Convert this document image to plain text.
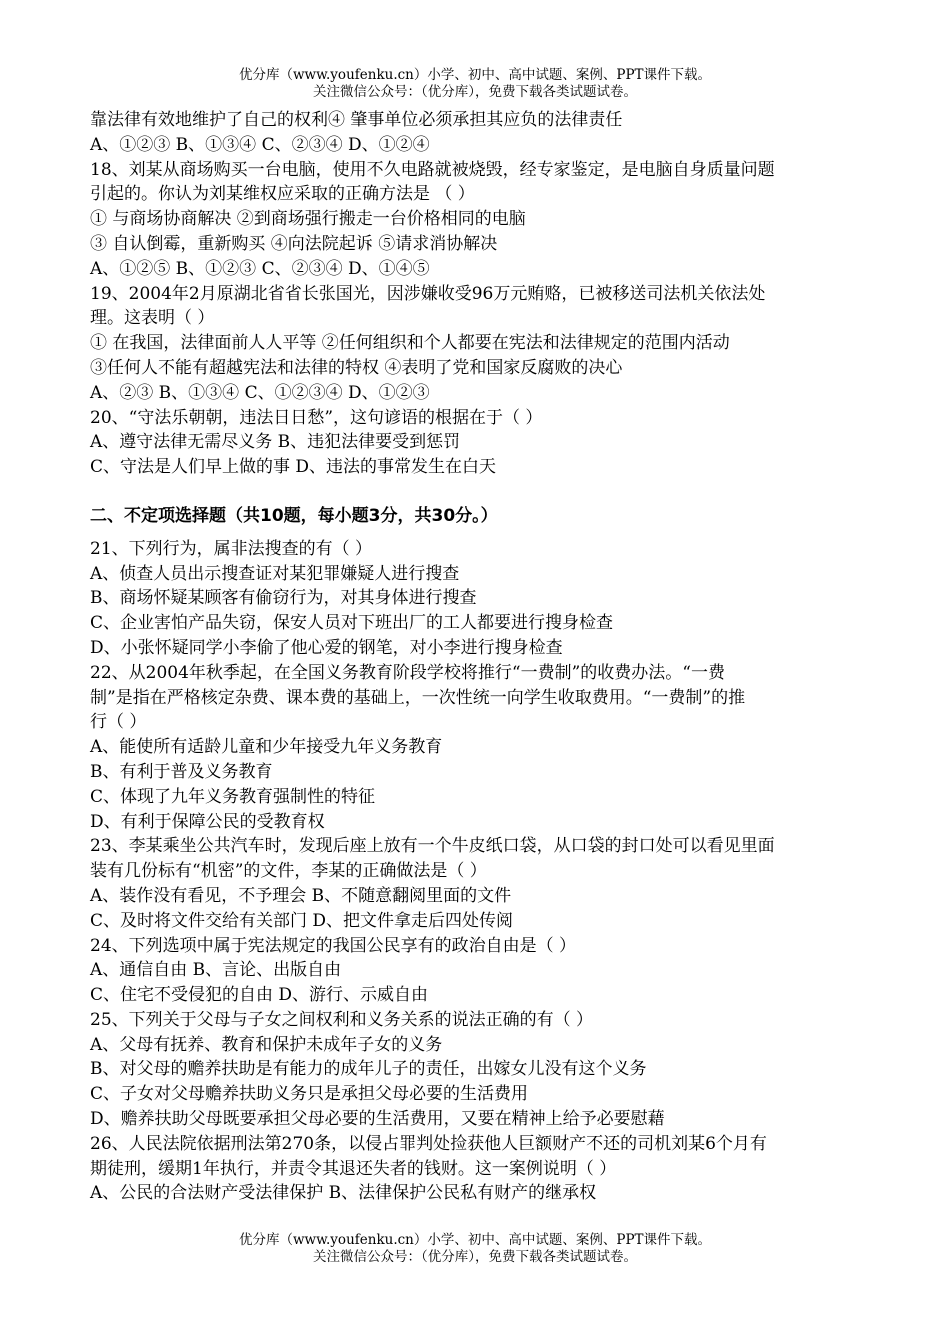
优分库（www.youfenku.cn）小学、初中、高中试题、案例、PPT课件下载。
关注微信公众号：（优分库），免费下载各类试题试卷。
靠法律有效地维护了自己的权利④ 肇事单位必须承担其应负的法律责任
A、①②③ B、①③④ C、②③④ D、①②④
18、刘某从商场购买一台电脑，使用不久电路就被烧毁，经专家鉴定，是电脑自身质量问题
引起的。你认为刘某维权应采取的正确方法是 （ ）
① 与商场协商解决 ②到商场强行搬走一台价格相同的电脑
③ 自认倒霉，重新购买 ④向法院起诉 ⑤请求消协解决
A、①②⑤ B、①②③ C、②③④ D、①④⑤
19、2004年2月原湖北省省长张国光，因涉嫌收受96万元贿赂，已被移送司法机关依法处
理。这表明（ ）
① 在我国，法律面前人人平等 ②任何组织和个人都要在宪法和法律规定的范围内活动
③任何人不能有超越宪法和法律的特权 ④表明了党和国家反腐败的决心
A、②③ B、①③④ C、①②③④ D、①②③
20、“守法乐朝朝，违法日日愁”，这句谚语的根据在于（ ）
A、遵守法律无需尽义务 B、违犯法律要受到惩罚
C、守法是人们早上做的事 D、违法的事常发生在白天
二、不定项选择题（共10题，每小题3分，共30分。）
21、下列行为，属非法搜查的有（ ）
A、侦查人员出示搜查证对某犯罪嫌疑人进行搜查
B、商场怀疑某顾客有偷窃行为，对其身体进行搜查
C、企业害怕产品失窃，保安人员对下班出厂的工人都要进行搜身检查
D、小张怀疑同学小李偷了他心爱的钢笔，对小李进行搜身检查
22、从2004年秋季起，在全国义务教育阶段学校将推行“一费制”的收费办法。“一费
制”是指在严格核定杂费、课本费的基础上，一次性统一向学生收取费用。“一费制”的推
行（ ）
A、能使所有适龄儿童和少年接受九年义务教育
B、有利于普及义务教育
C、体现了九年义务教育强制性的特征
D、有利于保障公民的受教育权
23、李某乘坐公共汽车时，发现后座上放有一个牛皮纸口袋，从口袋的封口处可以看见里面
装有几份标有“机密”的文件，李某的正确做法是（ ）
A、装作没有看见，不予理会 B、不随意翻阅里面的文件
C、及时将文件交给有关部门 D、把文件拿走后四处传阅
24、下列选项中属于宪法规定的我国公民享有的政治自由是（ ）
A、通信自由 B、言论、出版自由
C、住宅不受侵犯的自由 D、游行、示威自由
25、下列关于父母与子女之间权利和义务关系的说法正确的有（ ）
A、父母有抚养、教育和保护未成年子女的义务
B、对父母的赡养扶助是有能力的成年儿子的责任，出嫁女儿没有这个义务
C、子女对父母赡养扶助义务只是承担父母必要的生活费用
D、赡养扶助父母既要承担父母必要的生活费用，又要在精神上给予必要慰藉
26、人民法院依据刑法第270条，以侵占罪判处捡获他人巨额财产不还的司机刘某6个月有
期徒刑，缓期1年执行，并责令其退还失者的钱财。这一案例说明（ ）
A、公民的合法财产受法律保护 B、法律保护公民私有财产的继承权
优分库（www.youfenku.cn）小学、初中、高中试题、案例、PPT课件下载。
关注微信公众号：（优分库），免费下载各类试题试卷。
